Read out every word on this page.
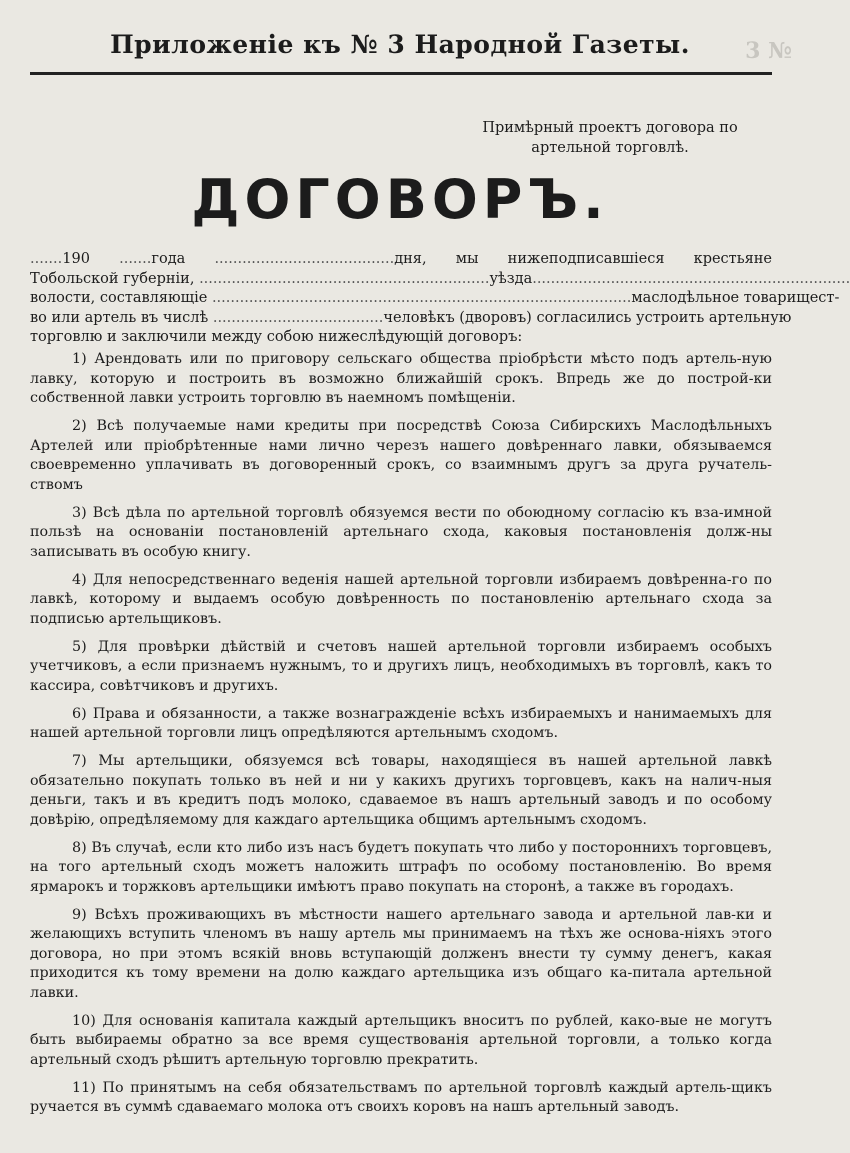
Приложеніе къ № 3 Народной Газеты.	3 №
Примѣрный проектъ договора по
артельной торговлѣ.
ДОГОВОРЪ.
.......190 .......года .......................................дня, мы нижеподписавшіеся крестьяне
Тобольской губерніи, ...............................................................уѣзда.....................................................................
волости, составляющіе ...........................................................................................маслодѣльное товарищест-
во или артель въ числѣ .....................................человѣкъ (дворовъ) согласились устроить артельную
торговлю и заключили между собою нижеслѣдующій договоръ:

1) Арендовать или по приговору сельскаго общества пріобрѣсти мѣсто подъ артель-ную лавку, которую и построить въ возможно ближайшій срокъ. Впредь же до построй-ки собственной лавки устроить торговлю въ наемномъ помѣщеніи.

2) Всѣ получаемые нами кредиты при посредствѣ Союза Сибирскихъ Маслодѣльныхъ Артелей или пріобрѣтенные нами лично черезъ нашего довѣреннаго лавки, обязываемся своевременно уплачивать въ договоренный срокъ, со взаимнымъ другъ за друга ручатель-ствомъ

3) Всѣ дѣла по артельной торговлѣ обязуемся вести по обоюдному согласію къ вза-имной пользѣ на основаніи постановленій артельнаго схода, каковыя постановленія долж-ны записывать въ особую книгу.

4) Для непосредственнаго веденія нашей артельной торговли избираемъ довѣренна-го по лавкѣ, которому и выдаемъ особую довѣренность по постановленію артельнаго схода за подписью артельщиковъ.

5) Для провѣрки дѣйствій и счетовъ нашей артельной торговли избираемъ особыхъ учетчиковъ, а если признаемъ нужнымъ, то и другихъ лицъ, необходимыхъ въ торговлѣ, какъ то кассира, совѣтчиковъ и другихъ.

6) Права и обязанности, а также вознагражденіе всѣхъ избираемыхъ и нанимаемыхъ для нашей артельной торговли лицъ опредѣляются артельнымъ сходомъ.

7) Мы артельщики, обязуемся всѣ товары, находящіеся въ нашей артельной лавкѣ обязательно покупать только въ ней и ни у какихъ другихъ торговцевъ, какъ на налич-ныя деньги, такъ и въ кредитъ подъ молоко, сдаваемое въ нашъ артельный заводъ и по особому довѣрію, опредѣляемому для каждаго артельщика общимъ артельнымъ сходомъ.

8) Въ случаѣ, если кто либо изъ насъ будетъ покупать что либо у постороннихъ торговцевъ, на того артельный сходъ можетъ наложить штрафъ по особому постановленію. Во время ярмарокъ и торжковъ артельщики имѣютъ право покупать на сторонѣ, а также въ городахъ.

9) Всѣхъ проживающихъ въ мѣстности нашего артельнаго завода и артельной лав-ки и желающихъ вступить членомъ въ нашу артель мы принимаемъ на тѣхъ же основа-ніяхъ этого договора, но при этомъ всякій вновь вступающій долженъ внести ту сумму денегъ, какая приходится къ тому времени на долю каждаго артельщика изъ общаго ка-питала артельной лавки.

10) Для основанія капитала каждый артельщикъ вноситъ по рублей, како-вые не могутъ быть выбираемы обратно за все время существованія артельной торговли, а только когда артельный сходъ рѣшитъ артельную торговлю прекратить.

11) По принятымъ на себя обязательствамъ по артельной торговлѣ каждый артель-щикъ ручается въ суммѣ сдаваемаго молока отъ своихъ коровъ на нашъ артельный заводъ.
